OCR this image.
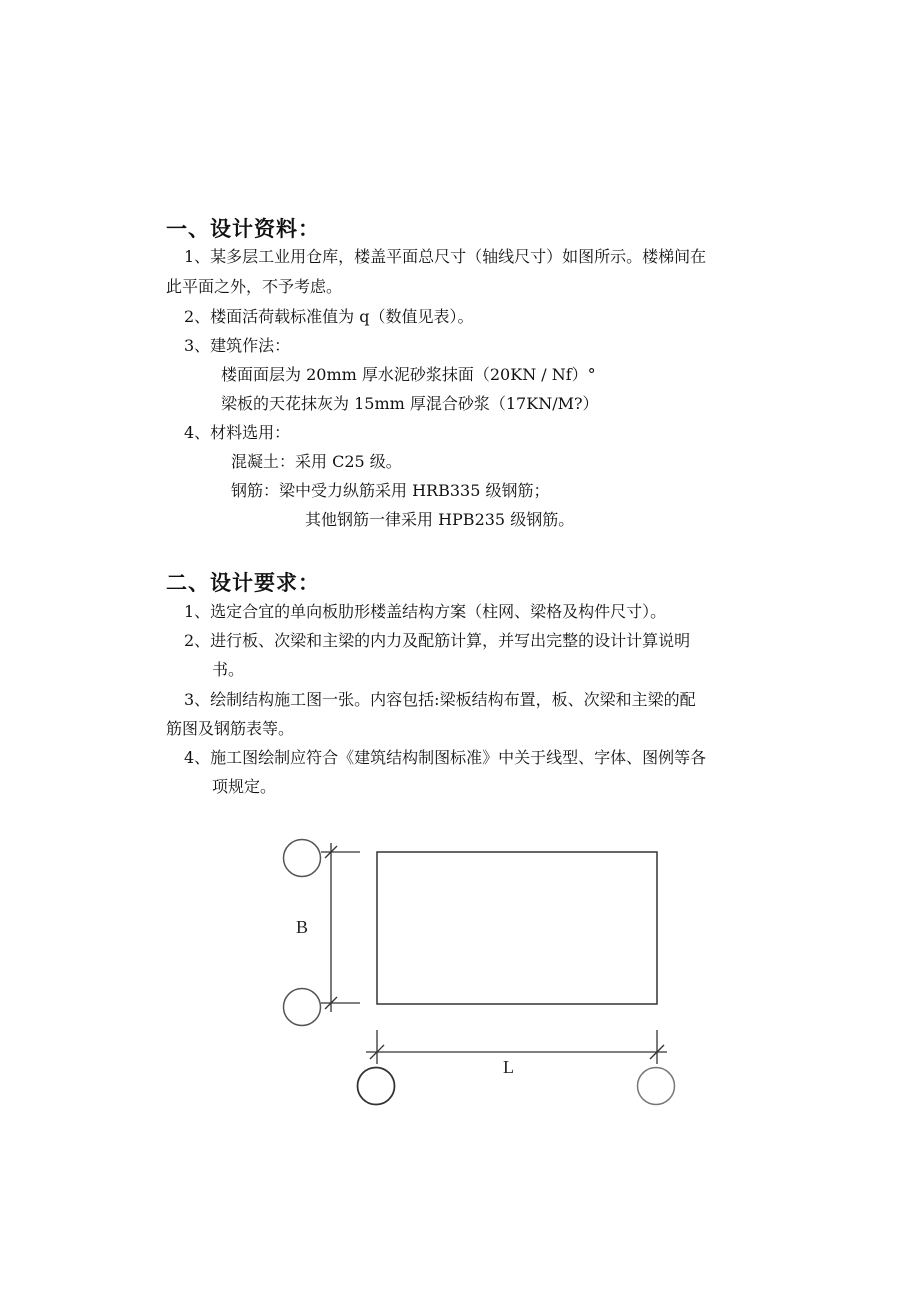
一、设计资料：

1、某多层工业用仓库，楼盖平面总尺寸（轴线尺寸）如图所示。楼梯间在

此平面之外，不予考虑。

2、楼面活荷载标准值为 q（数值见表）。

3、建筑作法：

楼面面层为 20mm 厚水泥砂浆抹面（20KN / Nf）°

梁板的天花抹灰为 15mm 厚混合砂浆（17KN/M?）

4、材料选用：

混凝土：采用 C25 级。

钢筋：梁中受力纵筋采用 HRB335 级钢筋；

其他钢筋一律采用 HPB235 级钢筋。

二、设计要求：

1、选定合宜的单向板肋形楼盖结构方案（柱网、梁格及构件尺寸）。

2、进行板、次梁和主梁的内力及配筋计算，并写出完整的设计计算说明

书。

3、绘制结构施工图一张。内容包括:梁板结构布置，板、次梁和主梁的配

筋图及钢筋表等。

4、施工图绘制应符合《建筑结构制图标准》中关于线型、字体、图例等各

项规定。

B
L
